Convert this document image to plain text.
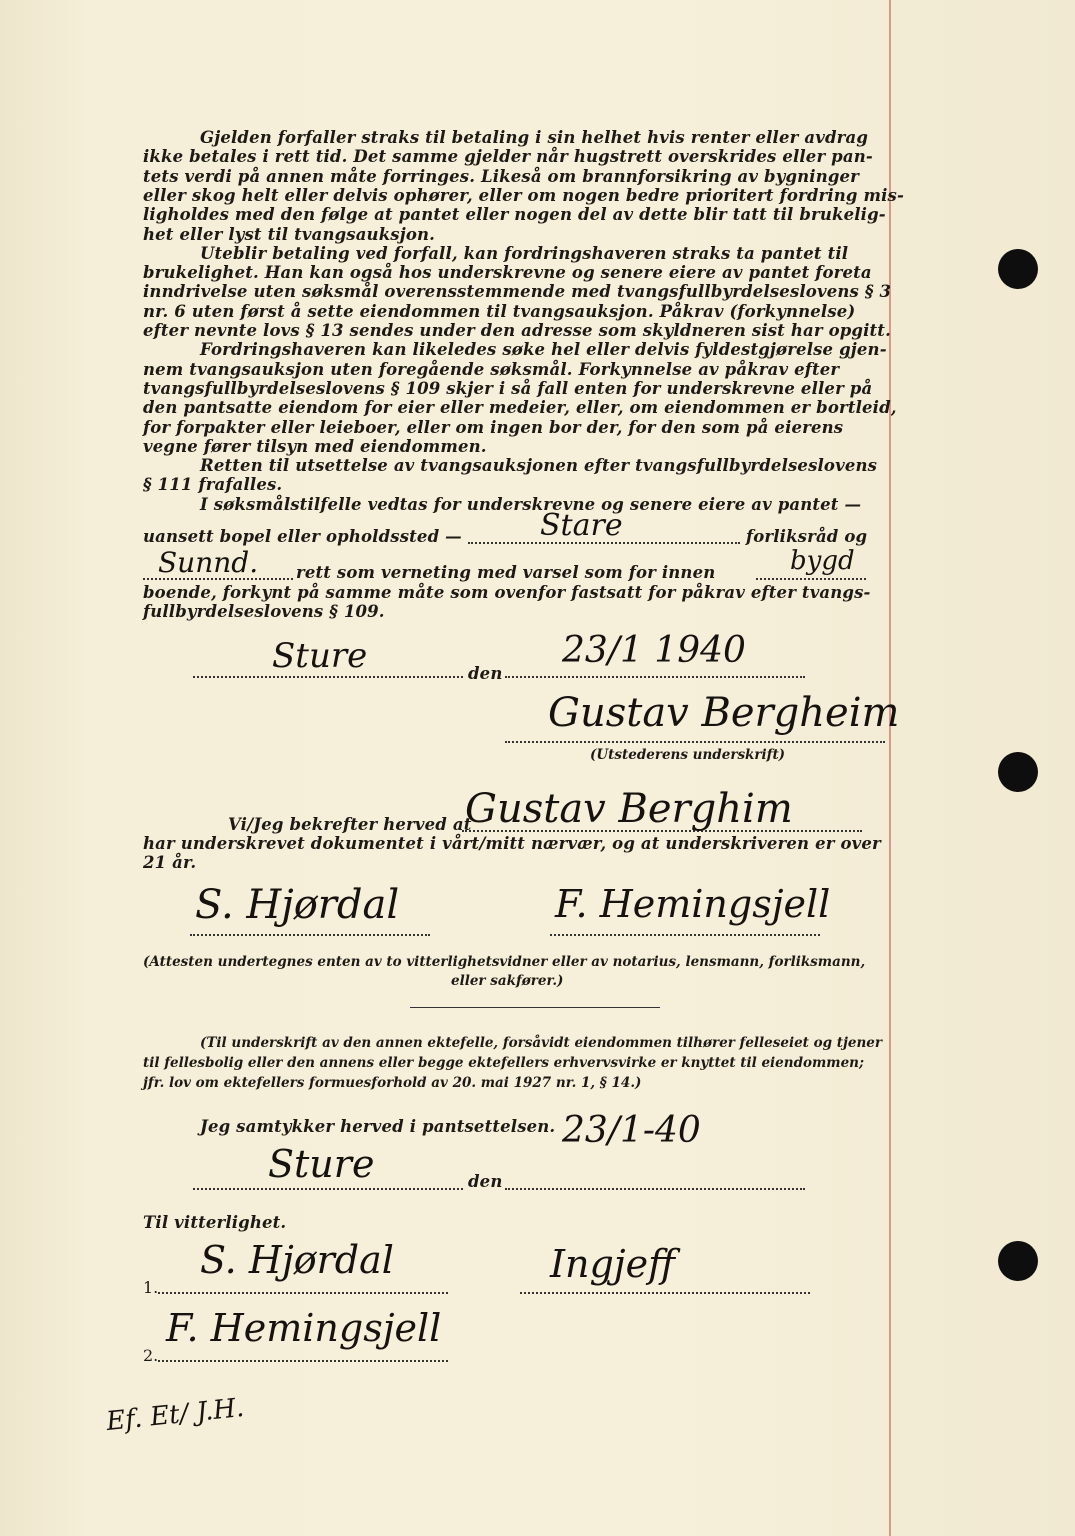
Gjelden forfaller straks til betaling i sin helhet hvis renter eller avdrag
ikke betales i rett tid. Det samme gjelder når hugstrett overskrides eller pan-
tets verdi på annen måte forringes. Likeså om brannforsikring av bygninger
eller skog helt eller delvis ophører, eller om nogen bedre prioritert fordring mis-
ligholdes med den følge at pantet eller nogen del av dette blir tatt til brukelig-
het eller lyst til tvangsauksjon.
Uteblir betaling ved forfall, kan fordringshaveren straks ta pantet til
brukelighet. Han kan også hos underskrevne og senere eiere av pantet foreta
inndrivelse uten søksmål overensstemmende med tvangsfullbyrdelseslovens § 3
nr. 6 uten først å sette eiendommen til tvangsauksjon. Påkrav (forkynnelse)
efter nevnte lovs § 13 sendes under den adresse som skyldneren sist har opgitt.
Fordringshaveren kan likeledes søke hel eller delvis fyldestgjørelse gjen-
nem tvangsauksjon uten foregående søksmål. Forkynnelse av påkrav efter
tvangsfullbyrdelseslovens § 109 skjer i så fall enten for underskrevne eller på
den pantsatte eiendom for eier eller medeier, eller, om eiendommen er bortleid,
for forpakter eller leieboer, eller om ingen bor der, for den som på eierens
vegne fører tilsyn med eiendommen.
Retten til utsettelse av tvangsauksjonen efter tvangsfullbyrdelseslovens
§ 111 frafalles.
I søksmålstilfelle vedtas for underskrevne og senere eiere av pantet —
uansett bopel eller opholdssted —	Stare	forliksråd og
Sunnd. rett som verneting med varsel som for innen	bygd
boende, forkynt på samme måte som ovenfor fastsatt for påkrav efter tvangs-
fullbyrdelseslovens § 109.
Sture	den
23/1 1940
Gustav Bergheim
(Utstederens underskrift)
Vi/Jeg bekrefter herved at
Gustav Berghim
har underskrevet dokumentet i vårt/mitt nærvær, og at underskriveren er over
21 år.
S. Hjørdal	F. Hemingsjell
(Attesten undertegnes enten av to vitterlighetsvidner eller av notarius, lensmann, forliksmann,
eller sakfører.)
(Til underskrift av den annen ektefelle, forsåvidt eiendommen tilhører felleseiet og tjener
til fellesbolig eller den annens eller begge ektefellers erhvervsvirke er knyttet til eiendommen;
jfr. lov om ektefellers formuesforhold av 20. mai 1927 nr. 1, § 14.)
Jeg samtykker herved i pantsettelsen. 23/1-40
Sture	den
Til vitterlighet.
1.
S. Hjørdal	Ingjeff
2.
F. Hemingsjell
Ef. Et/ J.H.
